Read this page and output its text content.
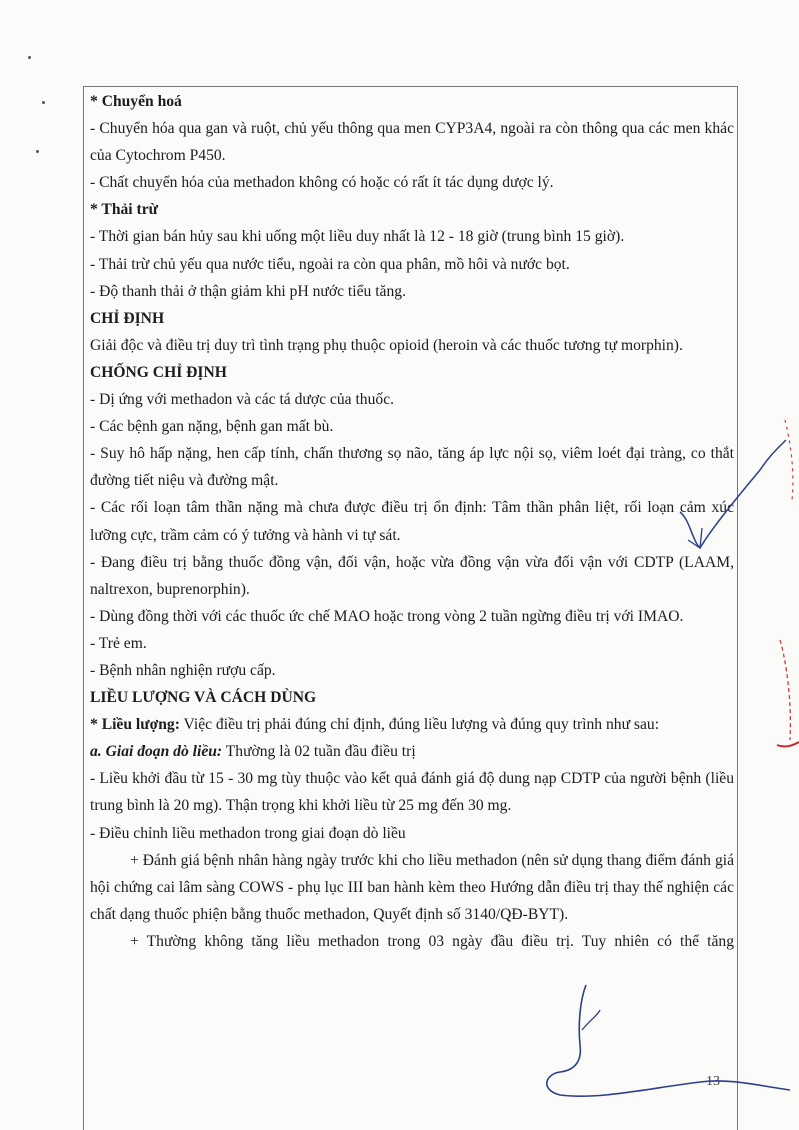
* Chuyển hoá

- Chuyển hóa qua gan và ruột, chủ yếu thông qua men CYP3A4, ngoài ra còn thông qua các men khác của Cytochrom P450.

- Chất chuyển hóa của methadon không có hoặc có rất ít tác dụng dược lý.

* Thải trừ

- Thời gian bán hủy sau khi uống một liều duy nhất là 12 - 18 giờ (trung bình 15 giờ).

- Thải trừ chủ yếu qua nước tiểu, ngoài ra còn qua phân, mồ hôi và nước bọt.

- Độ thanh thải ở thận giảm khi pH nước tiểu tăng.

CHỈ ĐỊNH

Giải độc và điều trị duy trì tình trạng phụ thuộc opioid (heroin và các thuốc tương tự morphin).

CHỐNG CHỈ ĐỊNH

- Dị ứng với methadon và các tá dược của thuốc.

- Các bệnh gan nặng, bệnh gan mất bù.

- Suy hô hấp nặng, hen cấp tính, chấn thương sọ não, tăng áp lực nội sọ, viêm loét đại tràng, co thắt đường tiết niệu và đường mật.

- Các rối loạn tâm thần nặng mà chưa được điều trị ổn định: Tâm thần phân liệt, rối loạn cảm xúc lưỡng cực, trầm cảm có ý tưởng và hành vi tự sát.

- Đang điều trị bằng thuốc đồng vận, đối vận, hoặc vừa đồng vận vừa đối vận với CDTP (LAAM, naltrexon, buprenorphin).

- Dùng đồng thời với các thuốc ức chế MAO hoặc trong vòng 2 tuần ngừng điều trị với IMAO.

- Trẻ em.

- Bệnh nhân nghiện rượu cấp.

LIỀU LƯỢNG VÀ CÁCH DÙNG

* Liều lượng: Việc điều trị phải đúng chỉ định, đúng liều lượng và đúng quy trình như sau:

a. Giai đoạn dò liều: Thường là 02 tuần đầu điều trị

- Liều khởi đầu từ 15 - 30 mg tùy thuộc vào kết quả đánh giá độ dung nạp CDTP của người bệnh (liều trung bình là 20 mg). Thận trọng khi khởi liều từ 25 mg đến 30 mg.

- Điều chỉnh liều methadon trong giai đoạn dò liều

+ Đánh giá bệnh nhân hàng ngày trước khi cho liều methadon (nên sử dụng thang điểm đánh giá hội chứng cai lâm sàng COWS - phụ lục III ban hành kèm theo Hướng dẫn điều trị thay thế nghiện các chất dạng thuốc phiện bằng thuốc methadon, Quyết định số 3140/QĐ-BYT).

+ Thường không tăng liều methadon trong 03 ngày đầu điều trị. Tuy nhiên có thể tăng

13
